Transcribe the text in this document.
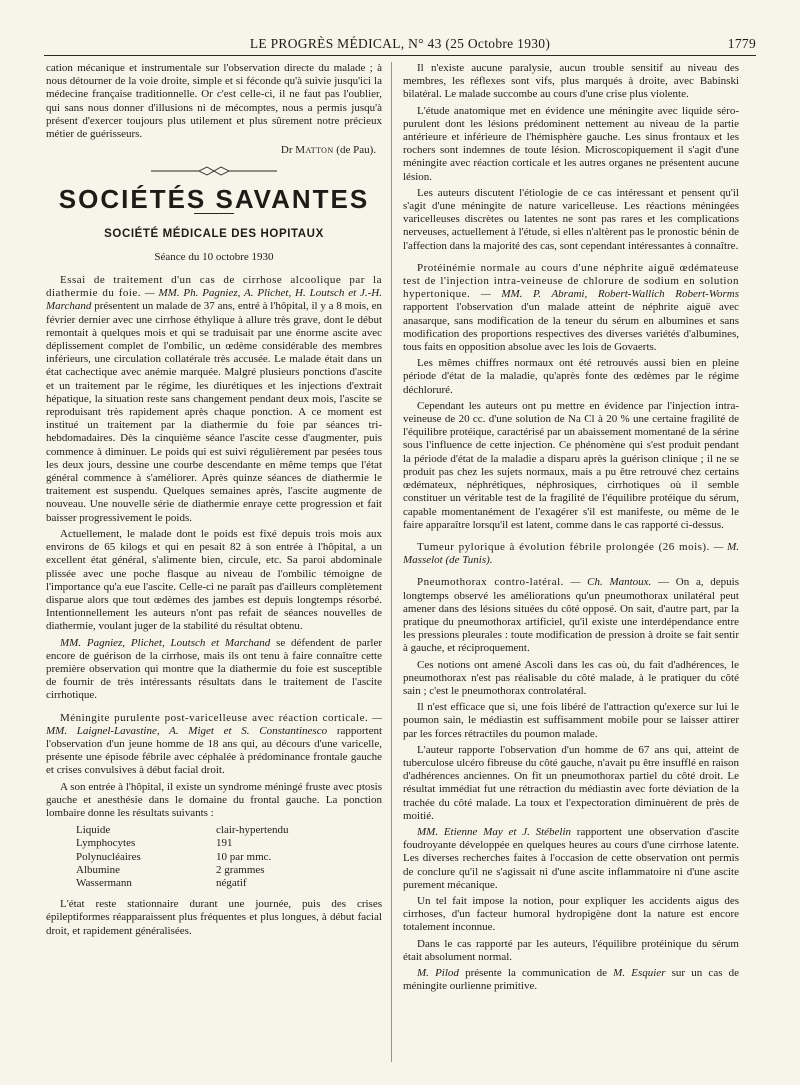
LE PROGRÈS MÉDICAL, N° 43 (25 Octobre 1930)	1779

cation mécanique et instrumentale sur l'observation directe du malade ; à nous détourner de la voie droite, simple et si féconde qu'à suivie jusqu'ici la médecine française traditionnelle. Or c'est celle-ci, il ne faut pas l'oublier, qui sans nous donner d'illusions ni de mécomptes, nous a permis jusqu'à présent d'exercer toujours plus utilement et plus sûrement notre précieux métier de guérisseurs.

Dr Matton (de Pau).
SOCIÉTÉS SAVANTES
SOCIÉTÉ MÉDICALE DES HOPITAUX
Séance du 10 octobre 1930

Essai de traitement d'un cas de cirrhose alcoolique par la diathermie du foie. — MM. Ph. Pagniez, A. Plichet, H. Loutsch et J.-H. Marchand présentent un malade de 37 ans, entré à l'hôpital, il y a 8 mois, en février dernier avec une cirrhose éthylique à allure très grave, dont le début remontait à quelques mois et qui se traduisait par une énorme ascite avec déplissement complet de l'ombilic, un œdème considérable des membres inférieurs, une circulation collatérale très accusée. Le malade était dans un état cachectique avec anémie marquée. Malgré plusieurs ponctions d'ascite et un traitement par le régime, les diurétiques et les injections d'extrait hépatique, la situation reste sans changement pendant deux mois, l'ascite se reproduisant très rapidement après chaque ponction. A ce moment est institué un traitement par la diathermie du foie par séances tri-hebdomadaires. Dès la cinquième séance l'ascite cesse d'augmenter, puis commence à diminuer. Le poids qui est suivi régulièrement par pesées tous les deux jours, dessine une courbe descendante en même temps que l'état général commence à s'améliorer. Après quinze séances de diathermie le traitement est suspendu. Quelques semaines après, l'ascite augmente de nouveau. Une nouvelle série de diathermie enraye cette progression et fait baisser progressivement le poids.

Actuellement, le malade dont le poids est fixé depuis trois mois aux environs de 65 kilogs et qui en pesait 82 à son entrée à l'hôpital, a un excellent état général, s'alimente bien, circule, etc. Sa paroi abdominale plissée avec une poche flasque au niveau de l'ombilic témoigne de l'importance qu'a eue l'ascite. Celle-ci ne paraît pas d'ailleurs complètement disparue alors que tout œdèmes des jambes est depuis longtemps résorbé. Intentionnellement les auteurs n'ont pas refait de séances nouvelles de diathermie, voulant juger de la stabilité du résultat obtenu.

MM. Pagniez, Plichet, Loutsch et Marchand se défendent de parler encore de guérison de la cirrhose, mais ils ont tenu à faire connaître cette première observation qui montre que la diathermie du foie est susceptible de fournir de très intéressants résultats dans le traitement de l'ascite cirrhotique.

Méningite purulente post-varicelleuse avec réaction corticale. — MM. Laignel-Lavastine, A. Miget et S. Constantinesco rapportent l'observation d'un jeune homme de 18 ans qui, au décours d'une varicelle, présente une épisode fébrile avec céphalée à prédominance frontale gauche et crises convulsives à début facial droit.

A son entrée à l'hôpital, il existe un syndrome méningé fruste avec ptosis gauche et anesthésie dans le domaine du frontal gauche. La ponction lombaire donne les résultats suivants :

Liquide	clair-hypertendu
Lymphocytes	191
Polynucléaires	10 par mmc.
Albumine	2 grammes
Wassermann	négatif

L'état reste stationnaire durant une journée, puis des crises épileptiformes réapparaissent plus fréquentes et plus longues, à début facial droit, et rapidement généralisées.

Il n'existe aucune paralysie, aucun trouble sensitif au niveau des membres, les réflexes sont vifs, plus marqués à droite, avec Babinski bilatéral. Le malade succombe au cours d'une crise plus violente.

L'étude anatomique met en évidence une méningite avec liquide séro-purulent dont les lésions prédominent nettement au niveau de la partie antérieure et inférieure de l'hémisphère gauche. Les sinus frontaux et les rochers sont indemnes de toute lésion. Microscopiquement il s'agit d'une méningite avec réaction corticale et les autres organes ne présentent aucune lésion.

Les auteurs discutent l'étiologie de ce cas intéressant et pensent qu'il s'agit d'une méningite de nature varicelleuse. Les réactions méningées varicelleuses discrètes ou latentes ne sont pas rares et les complications nerveuses, actuellement à l'étude, si elles n'altèrent pas le pronostic bénin de l'affection dans la majorité des cas, sont cependant intéressantes à connaître.

Protéinémie normale au cours d'une néphrite aiguë œdémateuse test de l'injection intra-veineuse de chlorure de sodium en solution hypertonique. — MM. P. Abrami, Robert-Wallich Robert-Worms rapportent l'observation d'un malade atteint de néphrite aiguë avec anasarque, sans modification de la teneur du sérum en albumines et sans modification des proportions respectives des diverses variétés d'albumines, tous faits en opposition absolue avec les lois de Govaerts.

Les mêmes chiffres normaux ont été retrouvés aussi bien en pleine période d'état de la maladie, qu'après fonte des œdèmes par le régime déchloruré.

Cependant les auteurs ont pu mettre en évidence par l'injection intra-veineuse de 20 cc. d'une solution de Na Cl à 20 % une certaine fragilité de l'équilibre protéique, caractérisé par un abaissement momentané de la sérine sous l'influence de cette injection. Ce phénomène qui s'est produit pendant la période d'état de la maladie a disparu après la guérison clinique ; il ne se produit pas chez les sujets normaux, mais a pu être retrouvé chez certains œdémateux, néphrétiques, néphrosiques, cirrhotiques où il semble constituer un véritable test de la fragilité de l'équilibre protéique du sérum, capable momentanément de l'exagérer s'il est manifeste, ou même de le faire apparaître lorsqu'il est latent, comme dans le cas rapporté ci-dessus.

Tumeur pylorique à évolution fébrile prolongée (26 mois). — M. Masselot (de Tunis).

Pneumothorax contro-latéral. — Ch. Mantoux. — On a, depuis longtemps observé les améliorations qu'un pneumothorax unilatéral peut amener dans des lésions situées du côté opposé. On sait, d'autre part, par la pratique du pneumothorax artificiel, qu'il existe une interdépendance entre les pressions pleurales : toute modification de pression à droite se fait sentir à gauche, et réciproquement.

Ces notions ont amené Ascoli dans les cas où, du fait d'adhérences, le pneumothorax n'est pas réalisable du côté malade, à le pratiquer du côté sain ; c'est le pneumothorax controlatéral.

Il n'est efficace que si, une fois libéré de l'attraction qu'exerce sur lui le poumon sain, le médiastin est suffisamment mobile pour se laisser attirer par les forces rétractiles du poumon malade.

L'auteur rapporte l'observation d'un homme de 67 ans qui, atteint de tuberculose ulcéro fibreuse du côté gauche, n'avait pu être insufflé en raison d'adhérences anciennes. On fit un pneumothorax partiel du côté droit. Le résultat immédiat fut une rétraction du médiastin avec forte déviation de la trachée du côté malade. La toux et l'expectoration diminuèrent de près de moitié.

MM. Etienne May et J. Stébelin rapportent une observation d'ascite foudroyante développée en quelques heures au cours d'une cirrhose latente. Les diverses recherches faites à l'occasion de cette observation ont permis de conclure qu'il ne s'agissait ni d'une ascite inflammatoire ni d'une ascite purement mécanique.

Un tel fait impose la notion, pour expliquer les accidents aigus des cirrhoses, d'un facteur humoral hydropigène dont la nature est encore totalement inconnue.

Dans le cas rapporté par les auteurs, l'équilibre protéinique du sérum était absolument normal.

M. Pilod présente la communication de M. Esquier sur un cas de méningite ourlienne primitive.
